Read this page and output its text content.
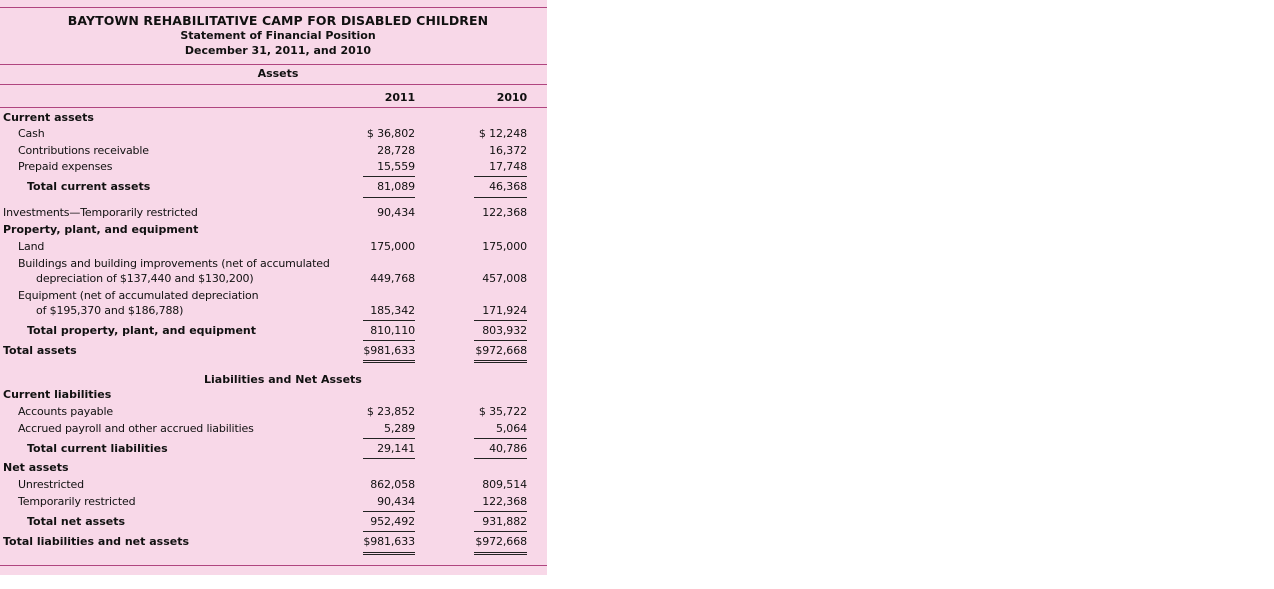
BAYTOWN REHABILITATIVE CAMP FOR DISABLED CHILDREN
Statement of Financial Position
December 31, 2011, and 2010
Assets
2011	2010
Current assets
Cash	$ 36,802	$ 12,248
Contributions receivable	28,728	16,372
Prepaid expenses	15,559	17,748
Total current assets	81,089	46,368
Investments—Temporarily restricted	90,434	122,368
Property, plant, and equipment
Land	175,000	175,000
Buildings and building improvements (net of accumulated
depreciation of $137,440 and $130,200)	449,768	457,008
Equipment (net of accumulated depreciation
of $195,370 and $186,788)	185,342	171,924
Total property, plant, and equipment	810,110	803,932
Total assets	$981,633	$972,668
Liabilities and Net Assets
Current liabilities
Accounts payable	$ 23,852	$ 35,722
Accrued payroll and other accrued liabilities	5,289	5,064
Total current liabilities	29,141	40,786
Net assets
Unrestricted	862,058	809,514
Temporarily restricted	90,434	122,368
Total net assets	952,492	931,882
Total liabilities and net assets	$981,633	$972,668
